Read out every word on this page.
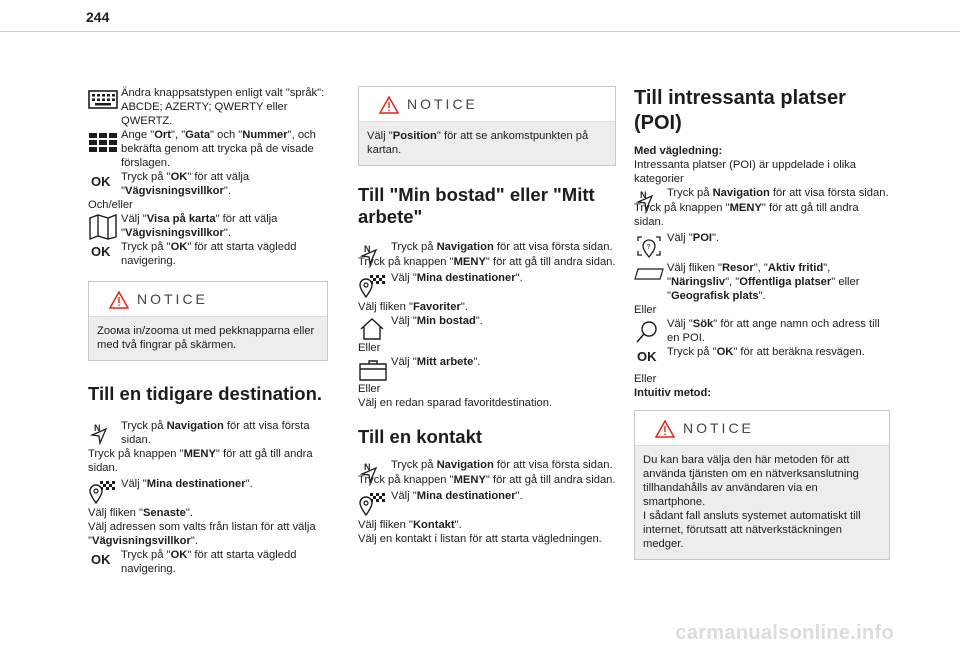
244
Ändra knappsatstypen enligt valt "språk": ABCDE; AZERTY; QWERTY eller QWERTZ.
Ange "Ort", "Gata" och "Nummer", och bekräfta genom att trycka på de visade förslagen.
OK Tryck på "OK" för att välja "Vägvisningsvillkor".

Och/eller

Välj "Visa på karta" för att välja "Vägvisningsvillkor".
OK Tryck på "OK" för att starta vägledd navigering.
NOTICE
Zoома in/zooma ut med pekknapparna eller med två fingrar på skärmen.
Till en tidigare destination.
N Tryck på Navigation för att visa första sidan.

Tryck på knappen "MENY" för att gå till andra sidan.

Välj "Mina destinationer".

Välj fliken "Senaste".

Välj adressen som valts från listan för att välja "Vägvisningsvillkor".

OK Tryck på "OK" för att starta vägledd navigering.
NOTICE
Välj "Position" för att se ankomstpunkten på kartan.
Till "Min bostad" eller "Mitt arbete"
N Tryck på Navigation för att visa första sidan.

Tryck på knappen "MENY" för att gå till andra sidan.

Välj "Mina destinationer".

Välj fliken "Favoriter".

Välj "Min bostad".

Eller

Välj "Mitt arbete".

Eller

Välj en redan sparad favoritdestination.

Till en kontakt
N Tryck på Navigation för att visa första sidan.

Tryck på knappen "MENY" för att gå till andra sidan.

Välj "Mina destinationer".

Välj fliken "Kontakt".

Välj en kontakt i listan för att starta vägledningen.

Till intressanta platser (POI)

Med vägledning:

Intressanta platser (POI) är uppdelade i olika kategorier

N Tryck på Navigation för att visa första sidan.

Tryck på knappen "MENY" för att gå till andra sidan.

?
Välj "POI".
Välj fliken "Resor", "Aktiv fritid", "Näringsliv", "Offentliga platser" eller "Geografisk plats".

Eller

Välj "Sök" för att ange namn och adress till en POI.
OK Tryck på "OK" för att beräkna resvägen.

Eller

Intuitiv metod:

NOTICE
Du kan bara välja den här metoden för att använda tjänsten om en nätverksanslutning tillhandahålls av användaren via en smartphone.
I sådant fall ansluts systemet automatiskt till internet, förutsatt att nätverkstäckningen medger.
carmanualsonline.info
